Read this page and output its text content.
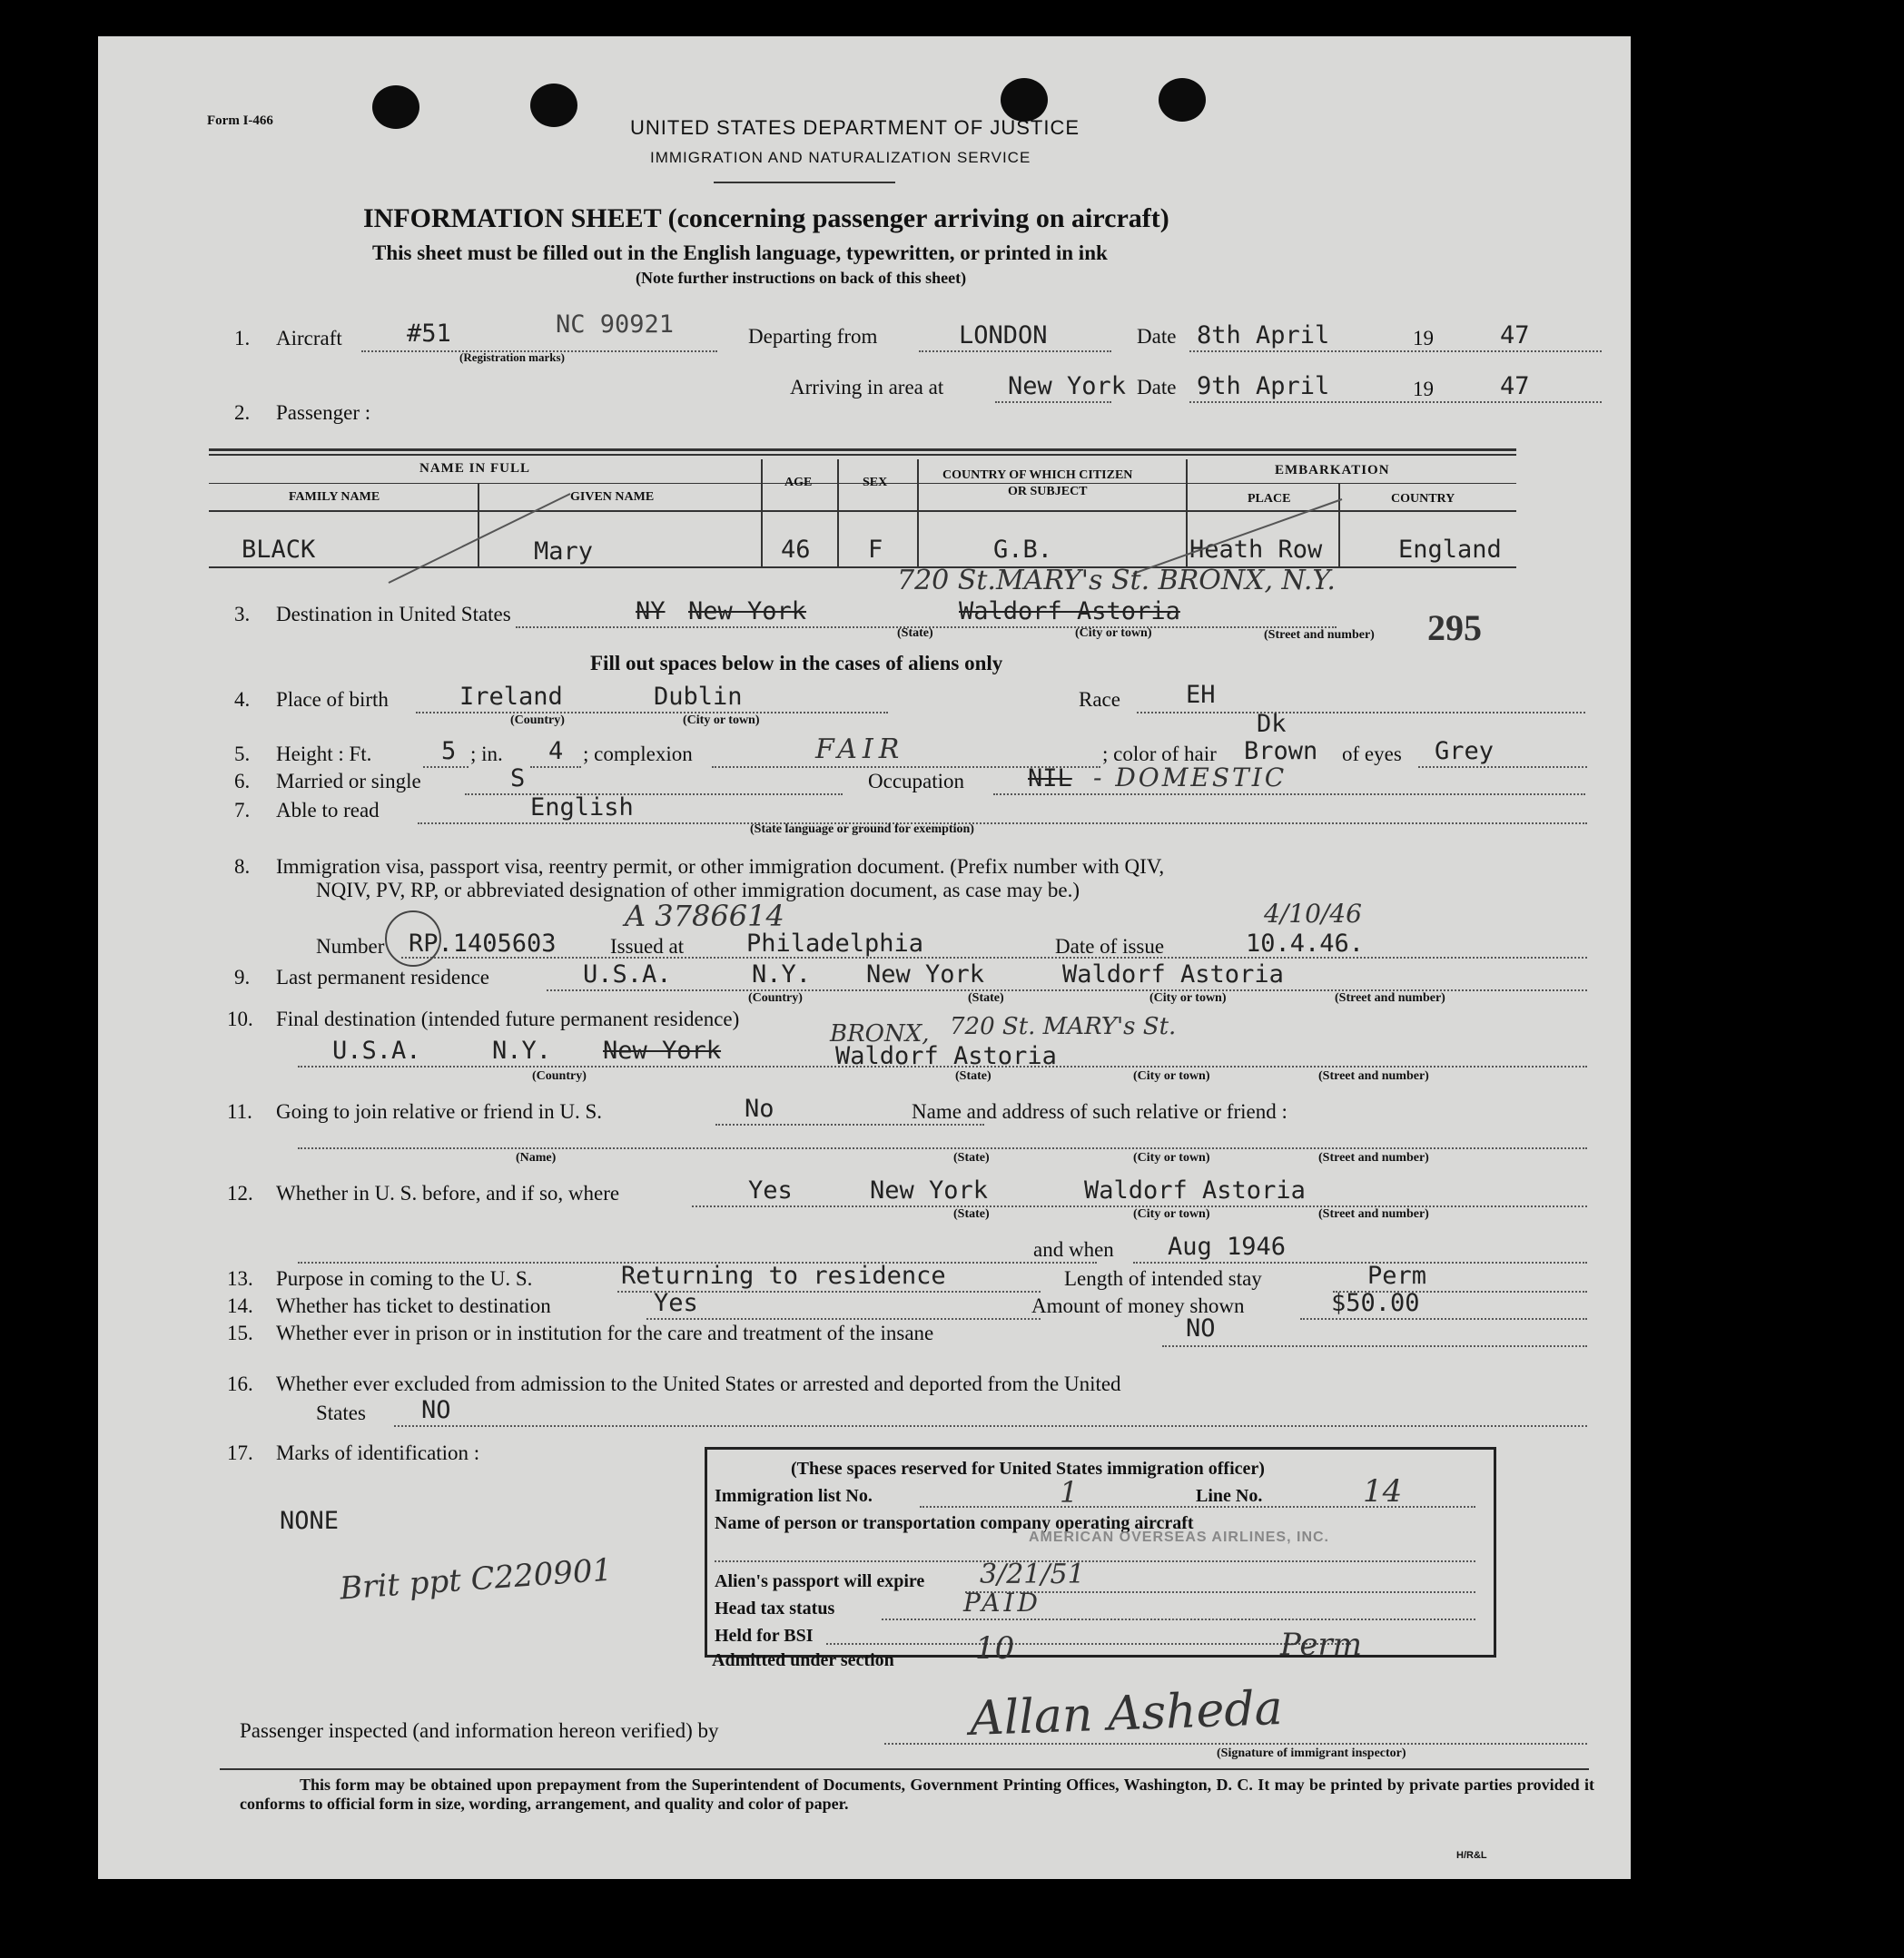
Form I-466	UNITED STATES DEPARTMENT OF JUSTICE
IMMIGRATION AND NATURALIZATION SERVICE
INFORMATION SHEET (concerning passenger arriving on aircraft)
This sheet must be filled out in the English language, typewritten, or printed in ink
(Note further instructions on back of this sheet)
1. Aircraft	#51	NC 90921
(Registration marks)
Departing from	LONDON	Date 8th April	19	47
Arriving in area at	New York Date 9th April	19	47
2. Passenger :
NAME IN FULL
FAMILY NAME	GIVEN NAME
AGE	SEX
COUNTRY OF WHICH CITIZEN
OR SUBJECT
EMBARKATION
PLACE	COUNTRY
BLACK	Mary	46 F	G.B.	Heath Row	England
720 St.MARY's St. BRONX, N.Y.
3. Destination in United States	NY New York	Waldorf Astoria
(State)	(City or town)	(Street and number) 295
Fill out spaces below in the cases of aliens only
4. Place of birth	Ireland	Dublin
(Country)	(City or town)
Race	EH
Dk
5. Height : Ft.	5 ; in. 4 ; complexion	FAIR	; color of hair Brown of eyes Grey
6. Married or single	S	Occupation	NIL - DOMESTIC
7. Able to read	English
(State language or ground for exemption)
8. Immigration visa, passport visa, reentry permit, or other immigration document. (Prefix number with QIV,
NQIV, PV, RP, or abbreviated designation of other immigration document, as case may be.)
A 3786614	4/10/46
Number RP.1405603	Issued at	Philadelphia	Date of issue	10.4.46.
9. Last permanent residence	U.S.A.	N.Y. New York	Waldorf Astoria
(Country)	(State)	(City or town)	(Street and number)
10. Final destination (intended future permanent residence)
BRONX, 720 St. MARY's St.
U.S.A.	N.Y. New York	Waldorf Astoria
(Country)	(State)	(City or town)	(Street and number)
11. Going to join relative or friend in U. S.	No	Name and address of such relative or friend :
(Name)	(State)	(City or town)	(Street and number)
12. Whether in U. S. before, and if so, where	Yes	New York	Waldorf Astoria
(State)	(City or town)	(Street and number)
and when Aug 1946
13. Purpose in coming to the U. S.	Returning to residence	Length of intended stay	Perm
14. Whether has ticket to destination	Yes	Amount of money shown	$50.00
15. Whether ever in prison or in institution for the care and treatment of the insane	NO
16. Whether ever excluded from admission to the United States or arrested and deported from the United
States NO
17. Marks of identification :
NONE
Brit ppt C220901
(These spaces reserved for United States immigration officer)
Immigration list No.	1	Line No.	14
Name of person or transportation company operating aircraft
AMERICAN OVERSEAS AIRLINES, INC.
Alien's passport will expire 3/21/51
Head tax status	PAID
Held for BSI
Admitted under section	10	Perm
Passenger inspected (and information hereon verified) by	Allan Asheda
(Signature of immigrant inspector)
This form may be obtained upon prepayment from the Superintendent of Documents, Government Printing Offices, Washington, D. C. It may be printed by private parties provided it conforms to official form in size, wording, arrangement, and quality and color of paper.
H/R&L
